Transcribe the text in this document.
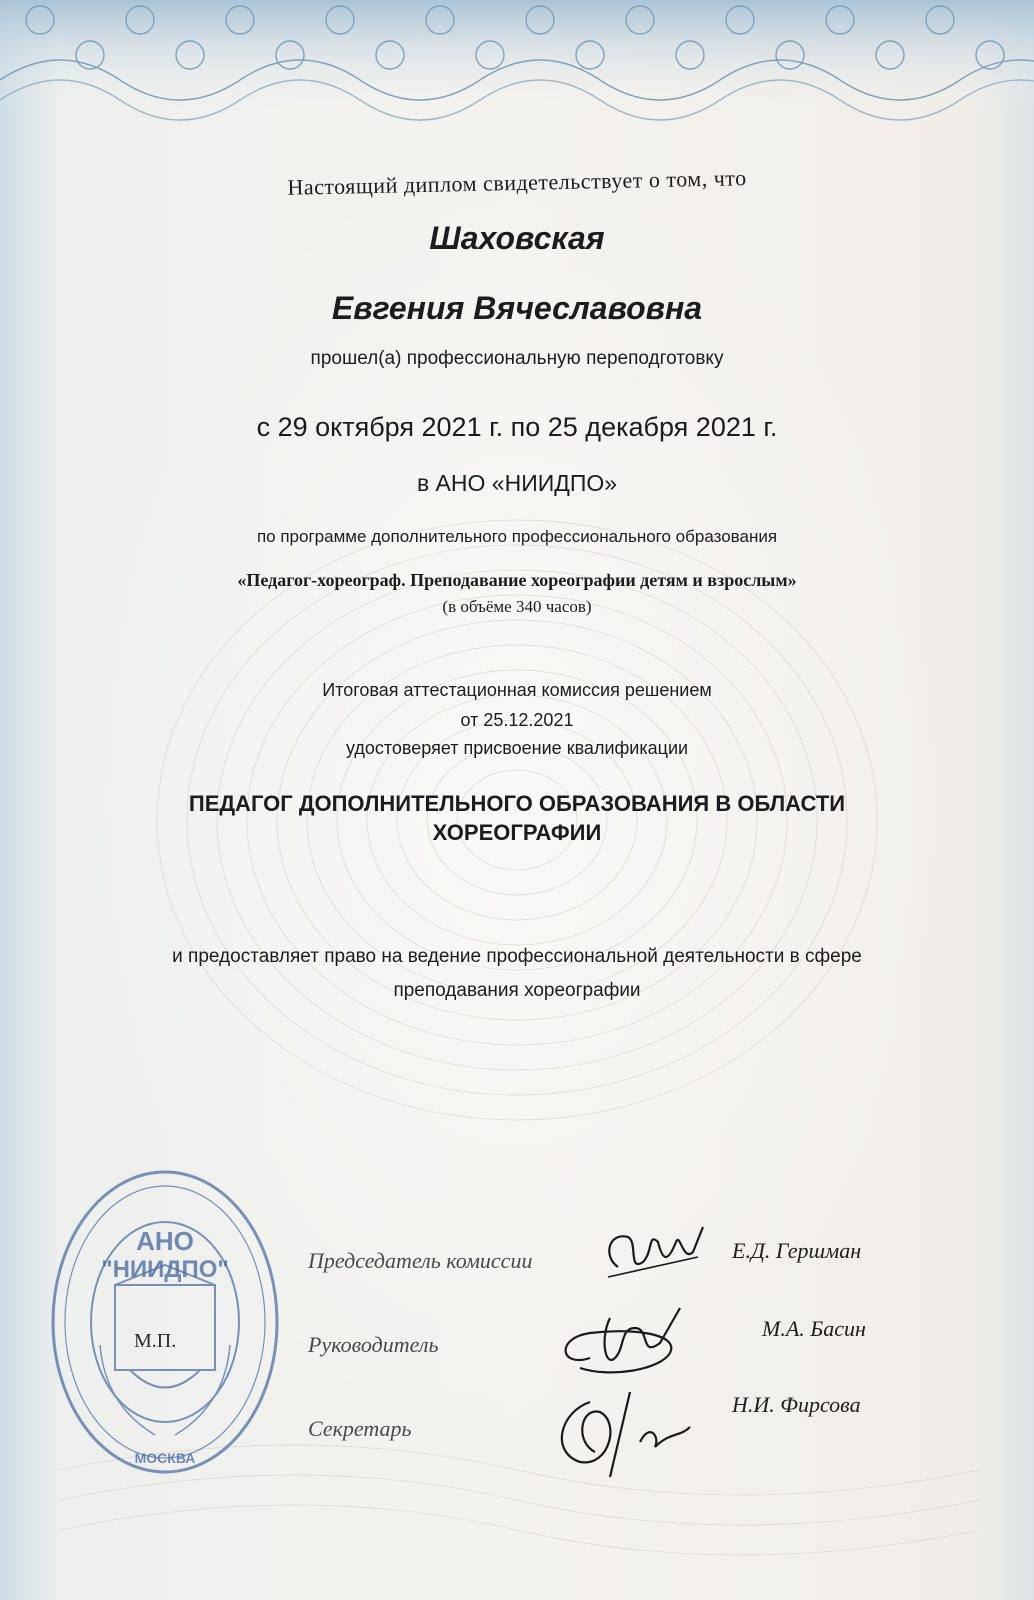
Настоящий диплом свидетельствует о том, что
Шаховская
Евгения Вячеславовна
прошел(а) профессиональную переподготовку
с 29 октября 2021 г. по 25 декабря 2021 г.
в АНО «НИИДПО»
по программе дополнительного профессионального образования
«Педагог-хореограф. Преподавание хореографии детям и взрослым»
(в объёме 340 часов)
Итоговая аттестационная комиссия решением
от 25.12.2021
удостоверяет присвоение квалификации
ПЕДАГОГ ДОПОЛНИТЕЛЬНОГО ОБРАЗОВАНИЯ В ОБЛАСТИ
ХОРЕОГРАФИИ
и предоставляет право на ведение профессиональной деятельности в сфере
преподавания хореографии
АНО
"НИИДПО"
МОСКВА
М.П.
Председатель комиссии	Е.Д. Гершман
Руководитель
М.А. Басин
Секретарь
Н.И. Фирсова
